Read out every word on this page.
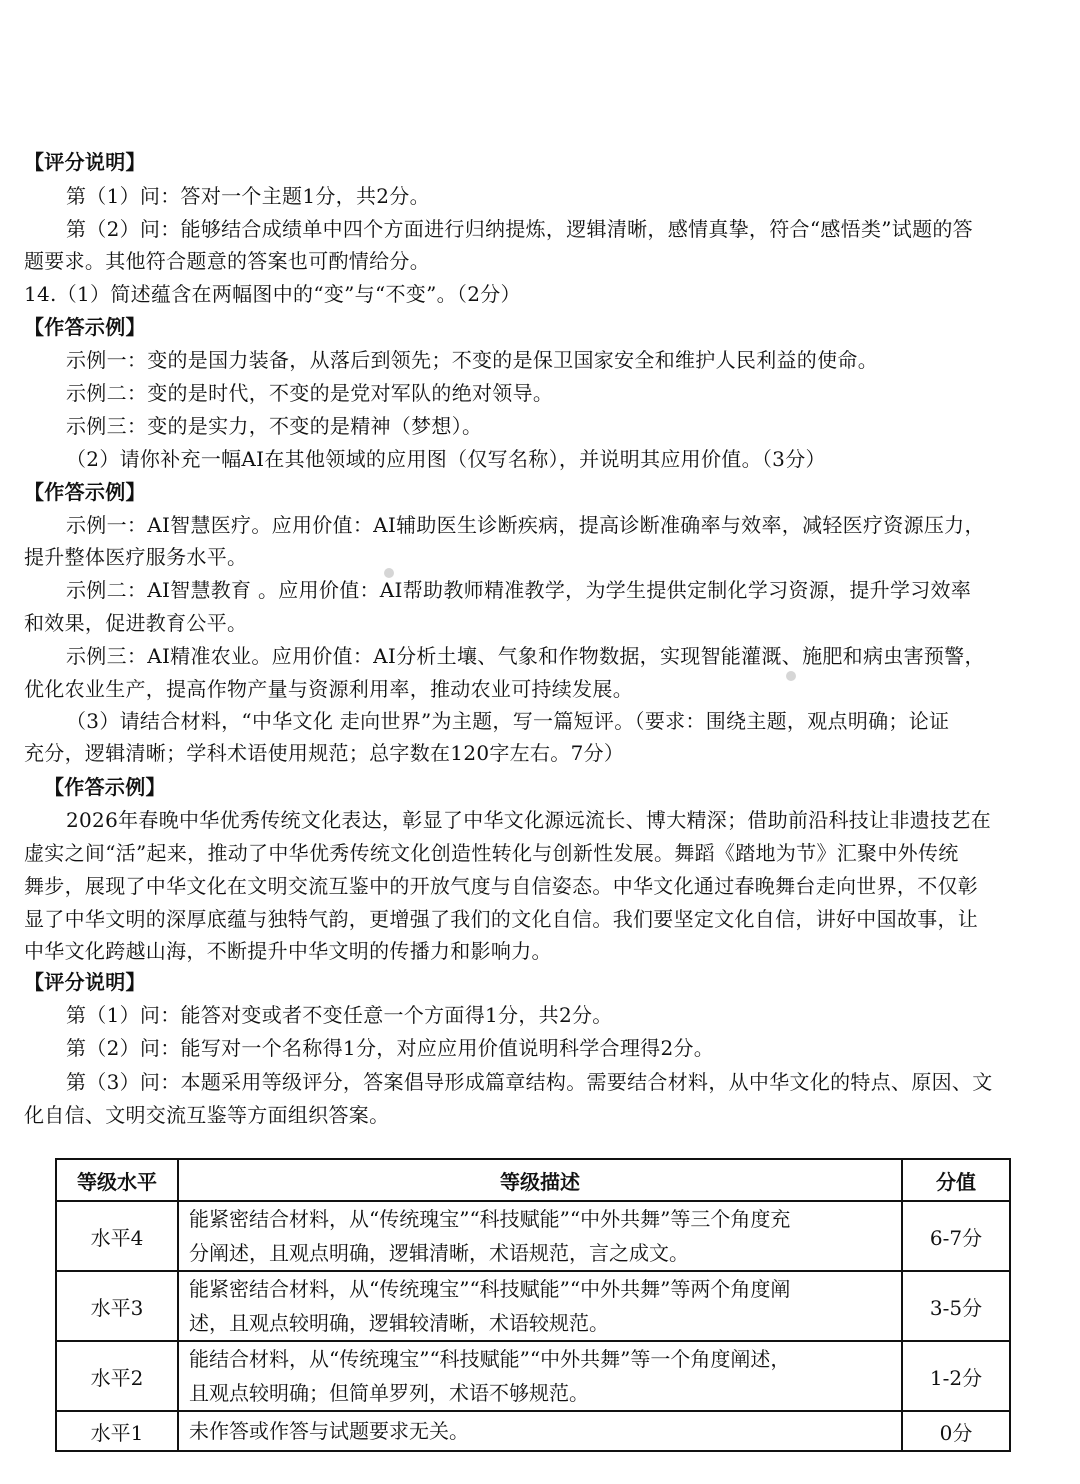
【评分说明】
第（1）问：答对一个主题1分，共2分。
第（2）问：能够结合成绩单中四个方面进行归纳提炼，逻辑清晰，感情真挚，符合“感悟类”试题的答
题要求。其他符合题意的答案也可酌情给分。
14.（1）简述蕴含在两幅图中的“变”与“不变”。（2分）
【作答示例】
示例一：变的是国力装备，从落后到领先；不变的是保卫国家安全和维护人民利益的使命。
示例二：变的是时代，不变的是党对军队的绝对领导。
示例三：变的是实力，不变的是精神（梦想）。
（2）请你补充一幅AI在其他领域的应用图（仅写名称），并说明其应用价值。（3分）
【作答示例】
示例一：AI智慧医疗。应用价值：AI辅助医生诊断疾病，提高诊断准确率与效率，减轻医疗资源压力，
提升整体医疗服务水平。
示例二：AI智慧教育 。应用价值：AI帮助教师精准教学，为学生提供定制化学习资源，提升学习效率
和效果，促进教育公平。
示例三：AI精准农业。应用价值：AI分析土壤、气象和作物数据，实现智能灌溉、施肥和病虫害预警，
优化农业生产，提高作物产量与资源利用率，推动农业可持续发展。
（3）请结合材料，“中华文化 走向世界”为主题，写一篇短评。（要求：围绕主题，观点明确；论证
充分，逻辑清晰；学科术语使用规范；总字数在120字左右。7分）
【作答示例】
2026年春晚中华优秀传统文化表达，彰显了中华文化源远流长、博大精深；借助前沿科技让非遗技艺在
虚实之间“活”起来，推动了中华优秀传统文化创造性转化与创新性发展。舞蹈《踏地为节》汇聚中外传统
舞步，展现了中华文化在文明交流互鉴中的开放气度与自信姿态。中华文化通过春晚舞台走向世界，不仅彰
显了中华文明的深厚底蕴与独特气韵，更增强了我们的文化自信。我们要坚定文化自信，讲好中国故事，让
中华文化跨越山海，不断提升中华文明的传播力和影响力。
【评分说明】
第（1）问：能答对变或者不变任意一个方面得1分，共2分。
第（2）问：能写对一个名称得1分，对应应用价值说明科学合理得2分。
第（3）问：本题采用等级评分，答案倡导形成篇章结构。需要结合材料，从中华文化的特点、原因、文
化自信、文明交流互鉴等方面组织答案。
等级水平	等级描述	分值
水平4	能紧密结合材料，从“传统瑰宝”“科技赋能”“中外共舞”等三个角度充
分阐述，且观点明确，逻辑清晰，术语规范，言之成文。	6-7分
水平3	能紧密结合材料，从“传统瑰宝”“科技赋能”“中外共舞”等两个角度阐
述，且观点较明确，逻辑较清晰，术语较规范。	3-5分
水平2	能结合材料，从“传统瑰宝”“科技赋能”“中外共舞”等一个角度阐述，
且观点较明确；但简单罗列，术语不够规范。	1-2分
水平1	未作答或作答与试题要求无关。	0分
